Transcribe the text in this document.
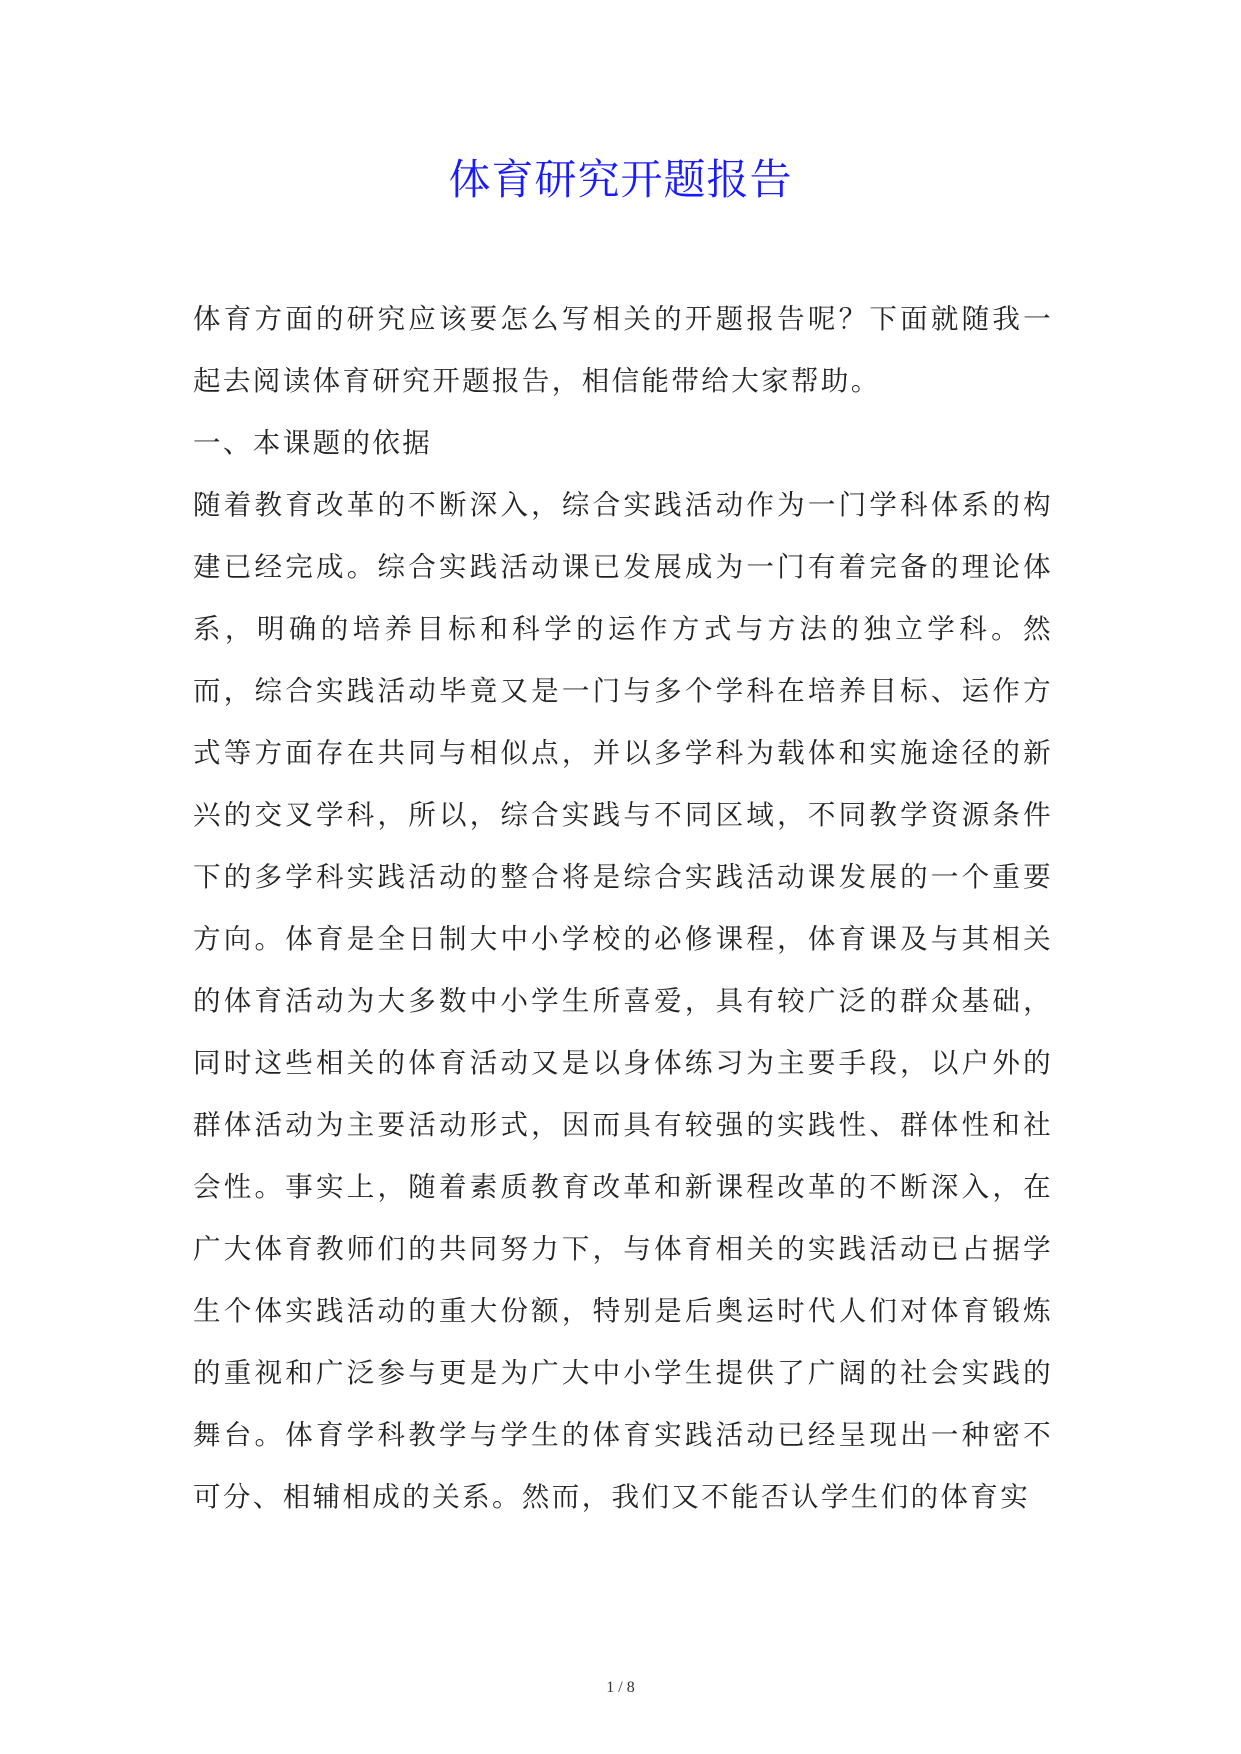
体育研究开题报告

体育方面的研究应该要怎么写相关的开题报告呢？下面就随我一起去阅读体育研究开题报告，相信能带给大家帮助。

一、本课题的依据

随着教育改革的不断深入，综合实践活动作为一门学科体系的构建已经完成。综合实践活动课已发展成为一门有着完备的理论体系，明确的培养目标和科学的运作方式与方法的独立学科。然而，综合实践活动毕竟又是一门与多个学科在培养目标、运作方式等方面存在共同与相似点，并以多学科为载体和实施途径的新兴的交叉学科，所以，综合实践与不同区域，不同教学资源条件下的多学科实践活动的整合将是综合实践活动课发展的一个重要方向。体育是全日制大中小学校的必修课程，体育课及与其相关的体育活动为大多数中小学生所喜爱，具有较广泛的群众基础，同时这些相关的体育活动又是以身体练习为主要手段，以户外的群体活动为主要活动形式，因而具有较强的实践性、群体性和社会性。事实上，随着素质教育改革和新课程改革的不断深入，在广大体育教师们的共同努力下，与体育相关的实践活动已占据学生个体实践活动的重大份额，特别是后奥运时代人们对体育锻炼的重视和广泛参与更是为广大中小学生提供了广阔的社会实践的舞台。体育学科教学与学生的体育实践活动已经呈现出一种密不可分、相辅相成的关系。然而，我们又不能否认学生们的体育实

1 / 8
